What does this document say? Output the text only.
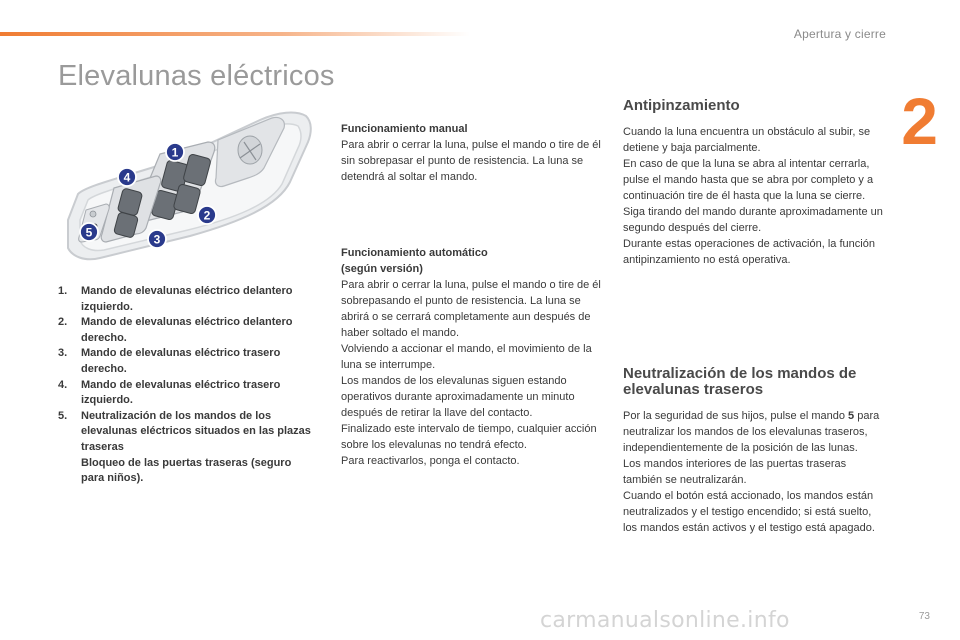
Apertura y cierre
2
Elevalunas eléctricos
1
2
3
4
5
1. Mando de elevalunas eléctrico delantero izquierdo.
2. Mando de elevalunas eléctrico delantero derecho.
3. Mando de elevalunas eléctrico trasero derecho.
4. Mando de elevalunas eléctrico trasero izquierdo.
5. Neutralización de los mandos de los elevalunas eléctricos situados en las plazas traseras
Bloqueo de las puertas traseras (seguro para niños).

Funcionamiento manual

Para abrir o cerrar la luna, pulse el mando o tire de él sin sobrepasar el punto de resistencia. La luna se detendrá al soltar el mando.

Funcionamiento automático

(según versión)

Para abrir o cerrar la luna, pulse el mando o tire de él sobrepasando el punto de resistencia. La luna se abrirá o se cerrará completamente aun después de haber soltado el mando.

Volviendo a accionar el mando, el movimiento de la luna se interrumpe.

Los mandos de los elevalunas siguen estando operativos durante aproximadamente un minuto después de retirar la llave del contacto.

Finalizado este intervalo de tiempo, cualquier acción sobre los elevalunas no tendrá efecto.

Para reactivarlos, ponga el contacto.

Antipinzamiento

Cuando la luna encuentra un obstáculo al subir, se detiene y baja parcialmente.

En caso de que la luna se abra al intentar cerrarla, pulse el mando hasta que se abra por completo y a continuación tire de él hasta que la luna se cierre. Siga tirando del mando durante aproximadamente un segundo después del cierre.

Durante estas operaciones de activación, la función antipinzamiento no está operativa.

Neutralización de los mandos de elevalunas traseros

Por la seguridad de sus hijos, pulse el mando 5 para neutralizar los mandos de los elevalunas traseros, independientemente de la posición de las lunas.

Los mandos interiores de las puertas traseras también se neutralizarán.

Cuando el botón está accionado, los mandos están neutralizados y el testigo encendido; si está suelto, los mandos están activos y el testigo está apagado.

carmanualsonline.info	73
